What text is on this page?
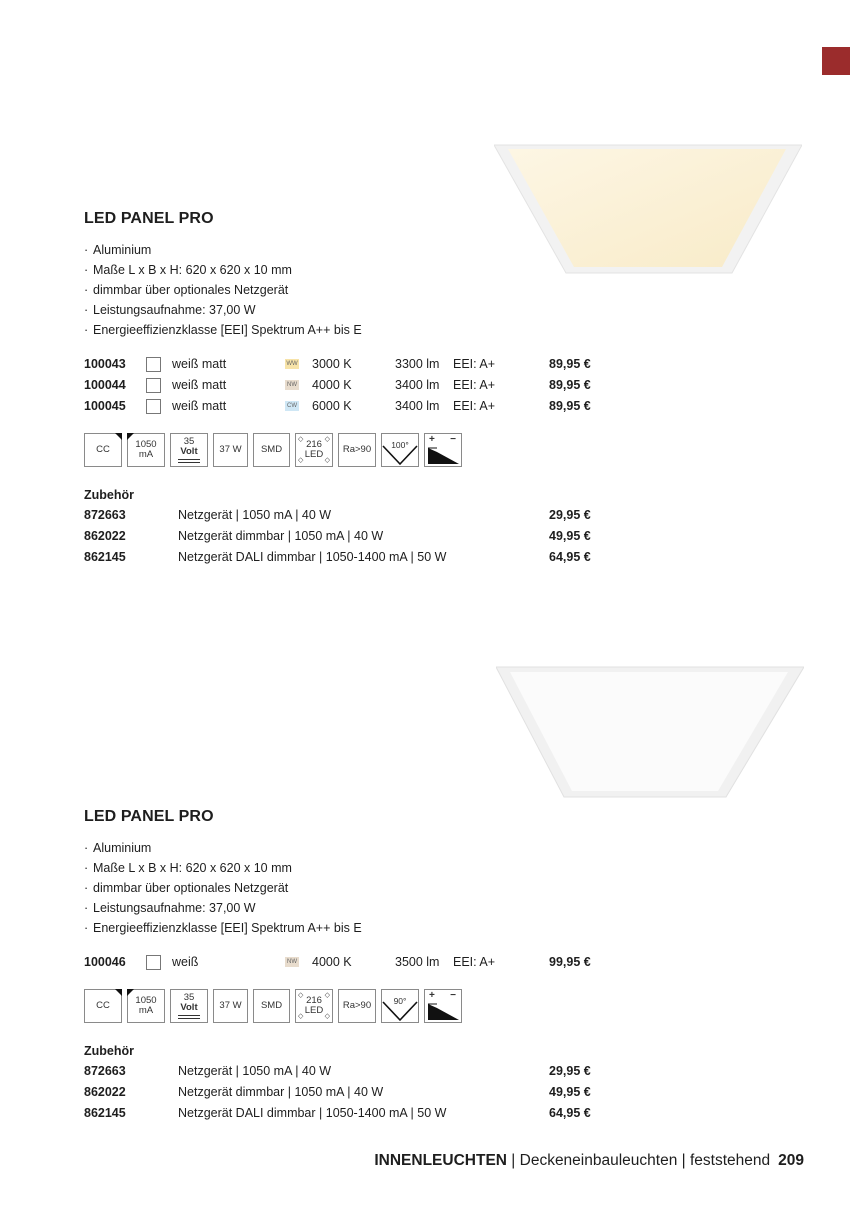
LED PANEL PRO
· Aluminium
· Maße L x B x H: 620 x 620 x 10 mm
· dimmbar über optionales Netzgerät
· Leistungsaufnahme: 37,00 W
· Energieeffizienzklasse [EEI] Spektrum A++ bis E
100043	weiß matt	WW 3000 K	3300 lm EEI: A+	89,95 €
100044	weiß matt	NW 4000 K	3400 lm EEI: A+	89,95 €
100045	weiß matt	CW 6000 K	3400 lm EEI: A+	89,95 €
CC	1050
mA
35
Volt 37 W SMD
◇	◇
◇	◇
216
LED Ra>90 100° + −
Zubehör
872663	Netzgerät | 1050 mA | 40 W	29,95 €
862022	Netzgerät dimmbar | 1050 mA | 40 W	49,95 €
862145	Netzgerät DALI dimmbar | 1050-1400 mA | 50 W	64,95 €
LED PANEL PRO
· Aluminium
· Maße L x B x H: 620 x 620 x 10 mm
· dimmbar über optionales Netzgerät
· Leistungsaufnahme: 37,00 W
· Energieeffizienzklasse [EEI] Spektrum A++ bis E
100046	weiß	NW 4000 K	3500 lm EEI: A+	99,95 €
CC	1050
mA
35
Volt 37 W SMD
◇	◇
◇	◇
216
LED Ra>90	90° + −
Zubehör
872663	Netzgerät | 1050 mA | 40 W	29,95 €
862022	Netzgerät dimmbar | 1050 mA | 40 W	49,95 €
862145	Netzgerät DALI dimmbar | 1050-1400 mA | 50 W	64,95 €
INNENLEUCHTEN | Deckeneinbauleuchten | feststehend 209
